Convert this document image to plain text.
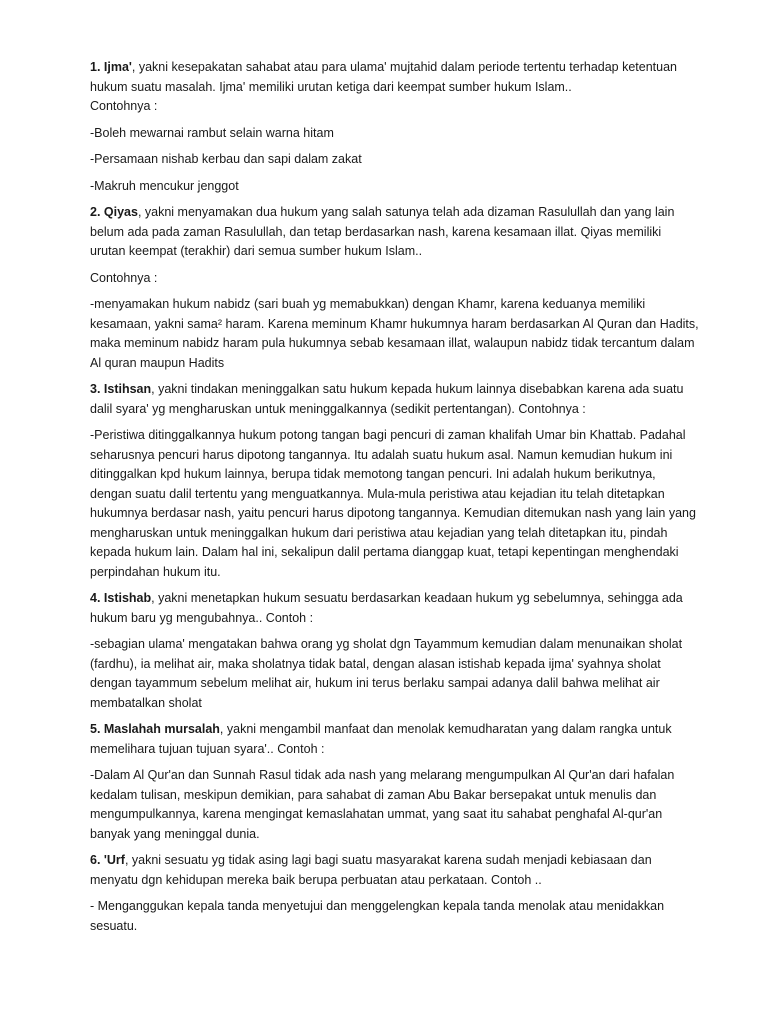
1. Ijma', yakni kesepakatan sahabat atau para ulama' mujtahid dalam periode tertentu terhadap ketentuan hukum suatu masalah. Ijma' memiliki urutan ketiga dari keempat sumber hukum Islam..
Contohnya :
-Boleh mewarnai rambut selain warna hitam
-Persamaan nishab kerbau dan sapi dalam zakat
-Makruh mencukur jenggot
2. Qiyas, yakni menyamakan dua hukum yang salah satunya telah ada dizaman Rasulullah dan yang lain belum ada pada zaman Rasulullah, dan tetap berdasarkan nash, karena kesamaan illat. Qiyas memiliki urutan keempat (terakhir) dari semua sumber hukum Islam..
Contohnya :
-menyamakan hukum nabidz (sari buah yg memabukkan) dengan Khamr, karena keduanya memiliki kesamaan, yakni sama² haram. Karena meminum Khamr hukumnya haram berdasarkan Al Quran dan Hadits, maka meminum nabidz haram pula hukumnya sebab kesamaan illat, walaupun nabidz tidak tercantum dalam Al quran maupun Hadits
3. Istihsan, yakni tindakan meninggalkan satu hukum kepada hukum lainnya disebabkan karena ada suatu dalil syara' yg mengharuskan untuk meninggalkannya (sedikit pertentangan). Contohnya :
-Peristiwa ditinggalkannya hukum potong tangan bagi pencuri di zaman khalifah Umar bin Khattab. Padahal seharusnya pencuri harus dipotong tangannya. Itu adalah suatu hukum asal. Namun kemudian hukum ini ditinggalkan kpd hukum lainnya, berupa tidak memotong tangan pencuri. Ini adalah hukum berikutnya, dengan suatu dalil tertentu yang menguatkannya. Mula-mula peristiwa atau kejadian itu telah ditetapkan hukumnya berdasar nash, yaitu pencuri harus dipotong tangannya. Kemudian ditemukan nash yang lain yang mengharuskan untuk meninggalkan hukum dari peristiwa atau kejadian yang telah ditetapkan itu, pindah kepada hukum lain. Dalam hal ini, sekalipun dalil pertama dianggap kuat, tetapi kepentingan menghendaki perpindahan hukum itu.
4. Istishab, yakni menetapkan hukum sesuatu berdasarkan keadaan hukum yg sebelumnya, sehingga ada hukum baru yg mengubahnya.. Contoh :
-sebagian ulama' mengatakan bahwa orang yg sholat dgn Tayammum kemudian dalam menunaikan sholat (fardhu), ia melihat air, maka sholatnya tidak batal, dengan alasan istishab kepada ijma' syahnya sholat dengan tayammum sebelum melihat air, hukum ini terus berlaku sampai adanya dalil bahwa melihat air membatalkan sholat
5. Maslahah mursalah, yakni mengambil manfaat dan menolak kemudharatan yang dalam rangka untuk memelihara tujuan tujuan syara'.. Contoh :
-Dalam Al Qur'an dan Sunnah Rasul tidak ada nash yang melarang mengumpulkan Al Qur'an dari hafalan kedalam tulisan, meskipun demikian, para sahabat di zaman Abu Bakar bersepakat untuk menulis dan mengumpulkannya, karena mengingat kemaslahatan ummat, yang saat itu sahabat penghafal Al-qur'an banyak yang meninggal dunia.
6. 'Urf, yakni sesuatu yg tidak asing lagi bagi suatu masyarakat karena sudah menjadi kebiasaan dan menyatu dgn kehidupan mereka baik berupa perbuatan atau perkataan. Contoh ..
- Menganggukan kepala tanda menyetujui dan menggelengkan kepala tanda menolak atau menidakkan sesuatu.
